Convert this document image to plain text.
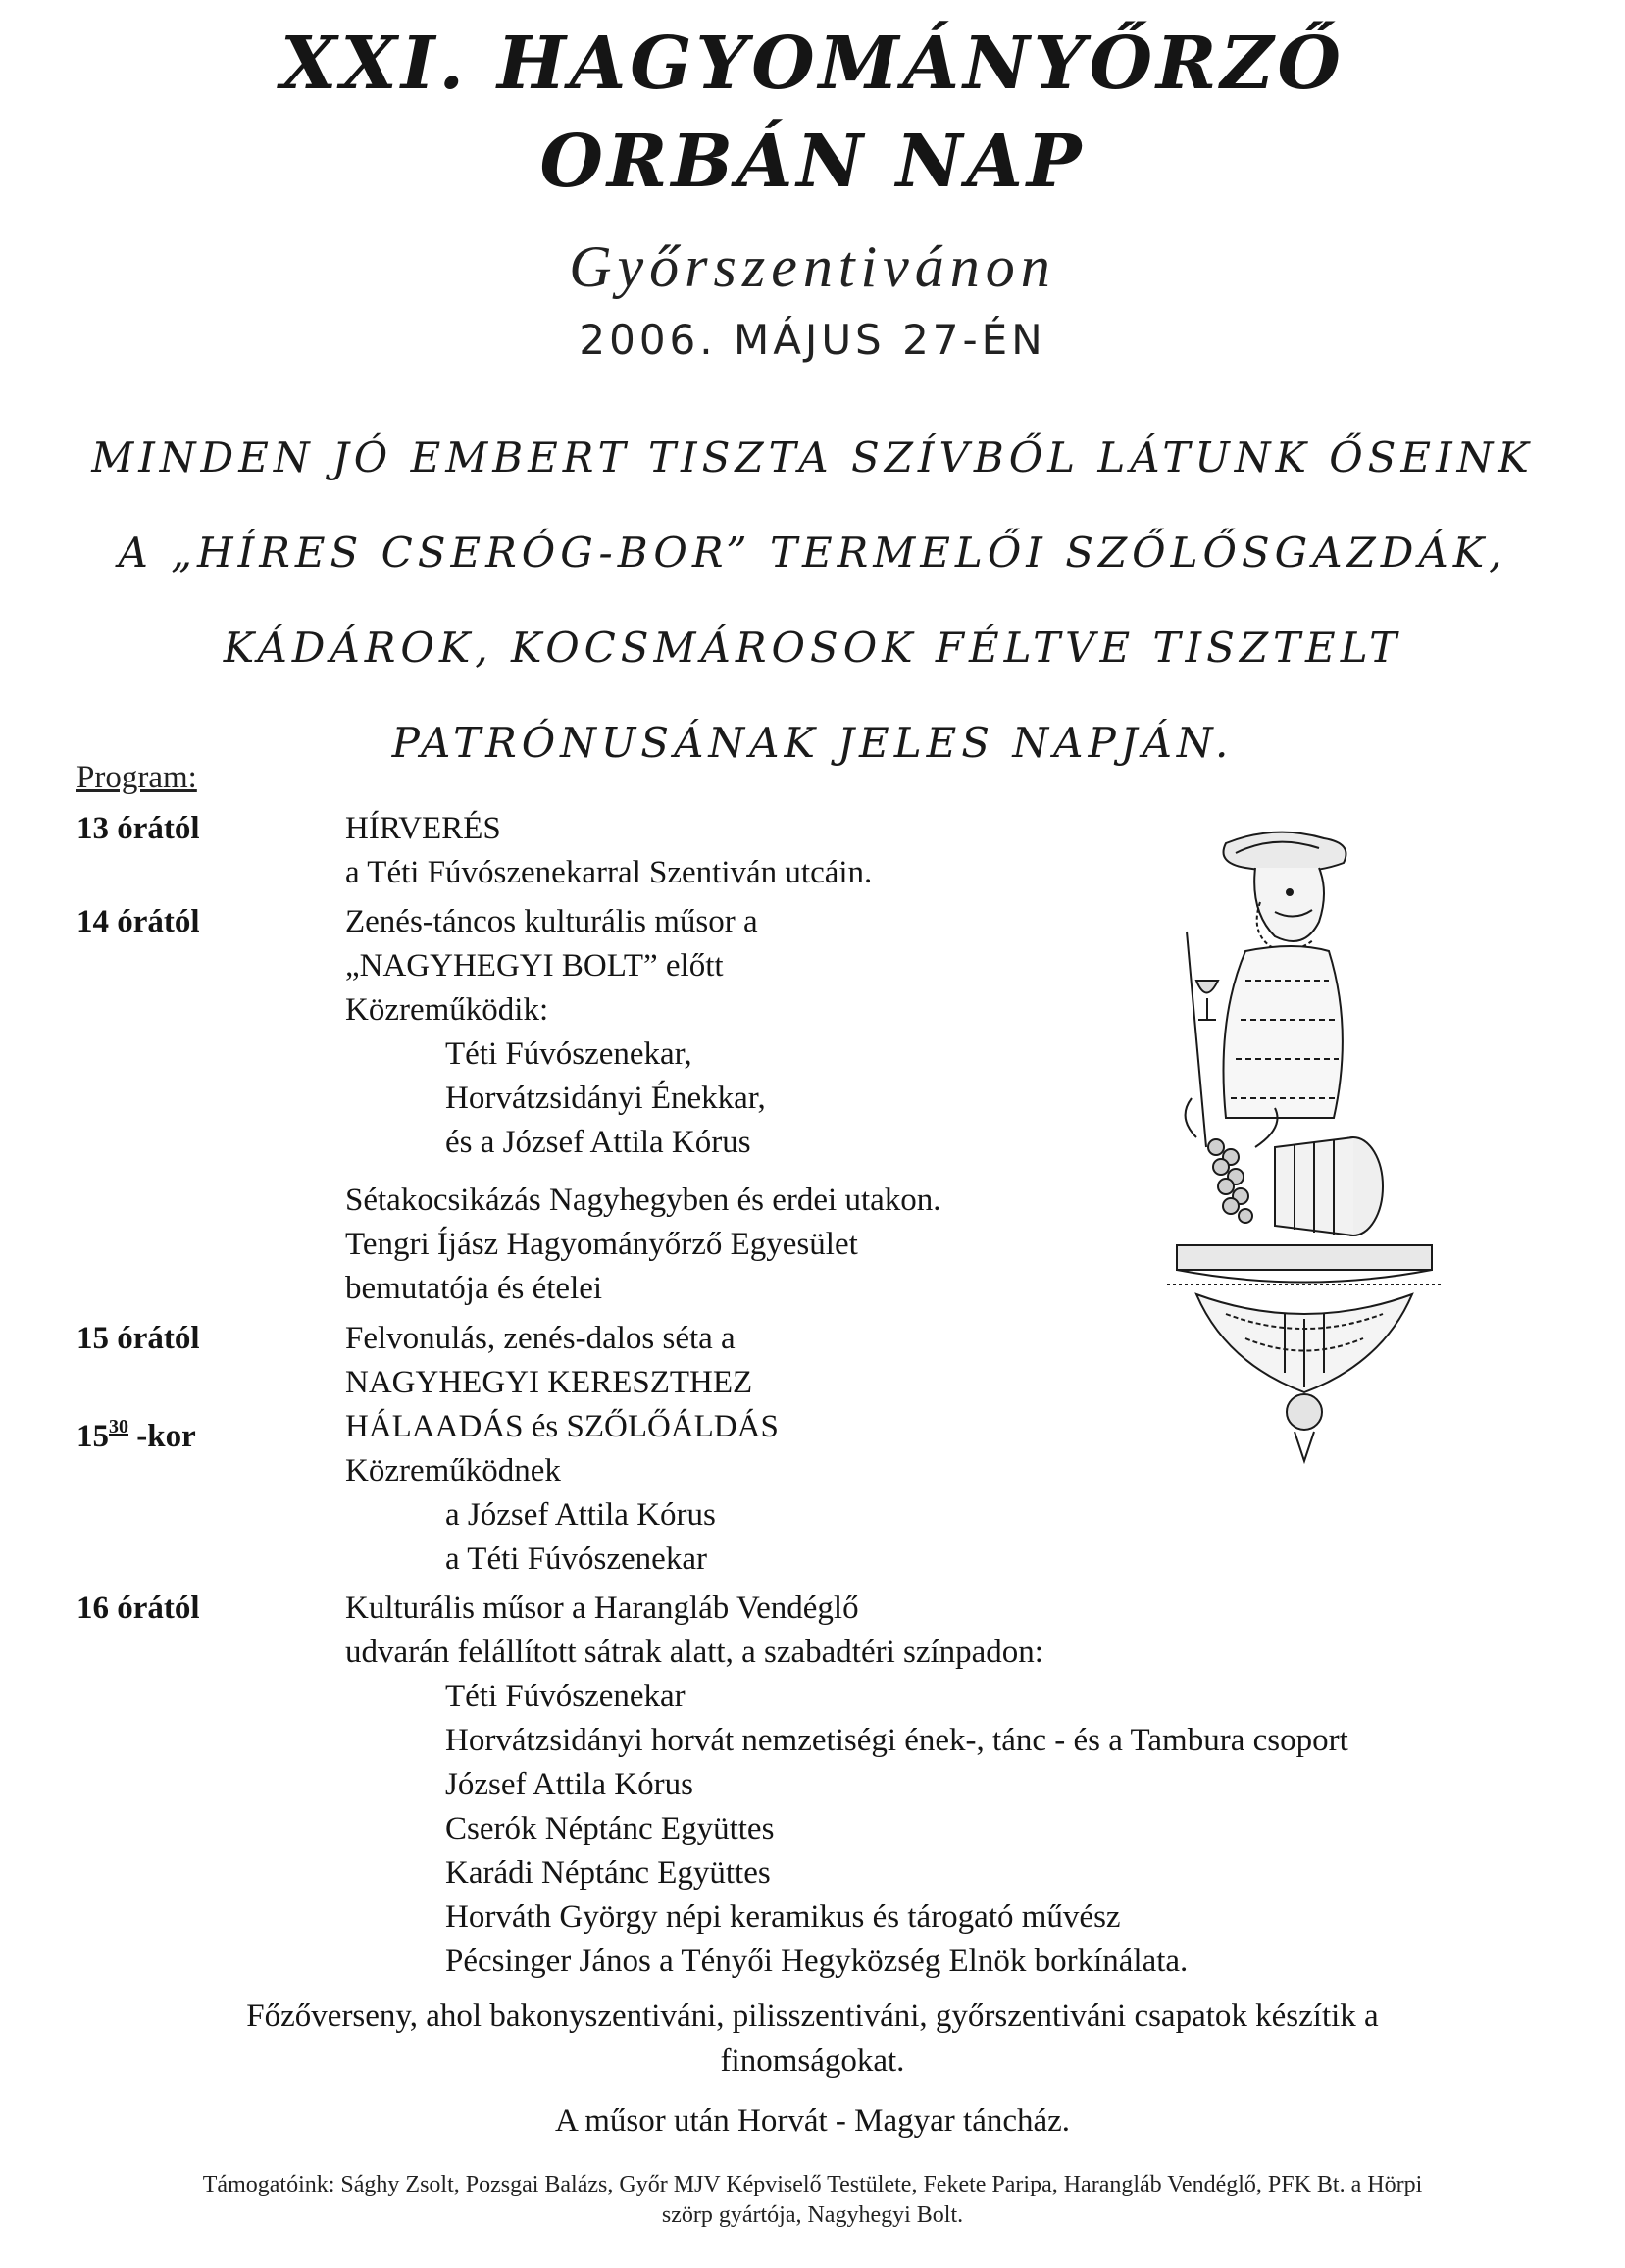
XXI. HAGYOMÁNYŐRZŐ
ORBÁN NAP
Győrszentivánon
2006. MÁJUS 27-ÉN
MINDEN JÓ EMBERT TISZTA SZÍVBŐL LÁTUNK ŐSEINK
A „HÍRES CSERÓG-BOR” TERMELŐI SZŐLŐSGAZDÁK,
KÁDÁROK, KOCSMÁROSOK FÉLTVE TISZTELT
PATRÓNUSÁNAK JELES NAPJÁN.
Program:
13 órától	HÍRVERÉS
a Téti Fúvószenekarral Szentiván utcáin.
14 órától	Zenés-táncos kulturális műsor a
„NAGYHEGYI BOLT” előtt
Közreműködik:
Téti Fúvószenekar,
Horvátzsidányi Énekkar,
és a József Attila Kórus
Sétakocsikázás Nagyhegyben és erdei utakon.
Tengri Íjász Hagyományőrző Egyesület
bemutatója és ételei
15 órától	Felvonulás, zenés-dalos séta a
NAGYHEGYI KERESZTHEZ
$15^{30}$ -kor	HÁLAADÁS és SZŐLŐÁLDÁS
Közreműködnek
a József Attila Kórus
a Téti Fúvószenekar
16 órától	Kulturális műsor a Harangláb Vendéglő
udvarán felállított sátrak alatt, a szabadtéri színpadon:
Téti Fúvószenekar
Horvátzsidányi horvát nemzetiségi ének-, tánc - és a Tambura csoport
József Attila Kórus
Cserók Néptánc Együttes
Karádi Néptánc Együttes
Horváth György népi keramikus és tárogató művész
Pécsinger János a Tényői Hegyközség Elnök borkínálata.
Főzőverseny, ahol bakonyszentiváni, pilisszentiváni, győrszentiváni csapatok készítik a
finomságokat.
A műsor után Horvát - Magyar táncház.
Támogatóink: Sághy Zsolt, Pozsgai Balázs, Győr MJV Képviselő Testülete, Fekete Paripa, Harangláb Vendéglő, PFK Bt. a Hörpi
szörp gyártója, Nagyhegyi Bolt.
